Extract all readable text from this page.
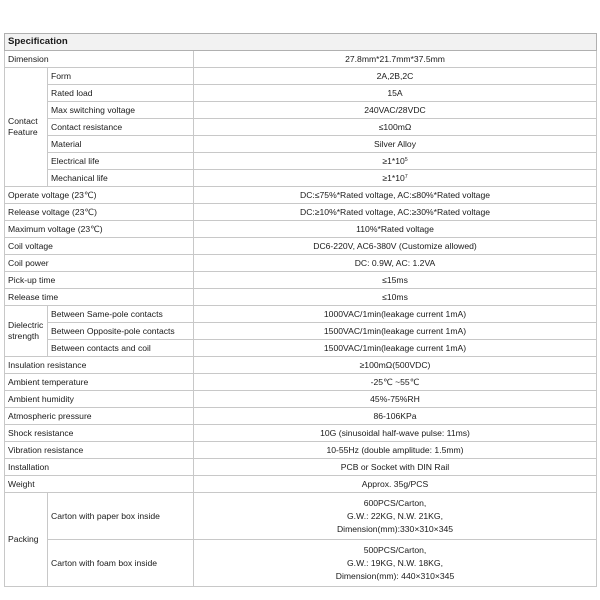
Specification		
Dimension		27.8mm*21.7mm*37.5mm
Contact Feature	Form	2A,2B,2C
	Rated load	15A
	Max switching voltage	240VAC/28VDC
	Contact resistance	≤100mΩ
	Material	Silver Alloy
	Electrical life	$\ge 1*10^5$
	Mechanical life	$\ge 1*10^7$
Operate voltage (23℃)		DC:≤75%*Rated voltage, AC:≤80%*Rated voltage
Release voltage (23℃)		DC:≥10%*Rated voltage, AC:≥30%*Rated voltage
Maximum voltage (23℃)		110%*Rated voltage
Coil voltage		DC6-220V, AC6-380V (Customize allowed)
Coil power		DC: 0.9W, AC: 1.2VA
Pick-up time		≤15ms
Release time		≤10ms
Dielectric strength	Between Same-pole contacts	1000VAC/1min(leakage current 1mA)
	Between Opposite-pole contacts	1500VAC/1min(leakage current 1mA)
	Between contacts and coil	1500VAC/1min(leakage current 1mA)
Insulation resistance		≥100mΩ(500VDC)
Ambient temperature		-25℃ ~55℃
Ambient humidity		45%-75%RH
Atmospheric pressure		86-106KPa
Shock resistance		10G (sinusoidal half-wave pulse: 11ms)
Vibration resistance		10-55Hz (double amplitude: 1.5mm)
Installation		PCB or Socket with DIN Rail
Weight		Approx. 35g/PCS
Packing	Carton with paper box inside	600PCS/Carton,
G.W.: 22KG, N.W. 21KG,
Dimension(mm):330×310×345

	Carton with foam box inside	500PCS/Carton,
G.W.: 19KG, N.W. 18KG,
Dimension(mm): 440×310×345
